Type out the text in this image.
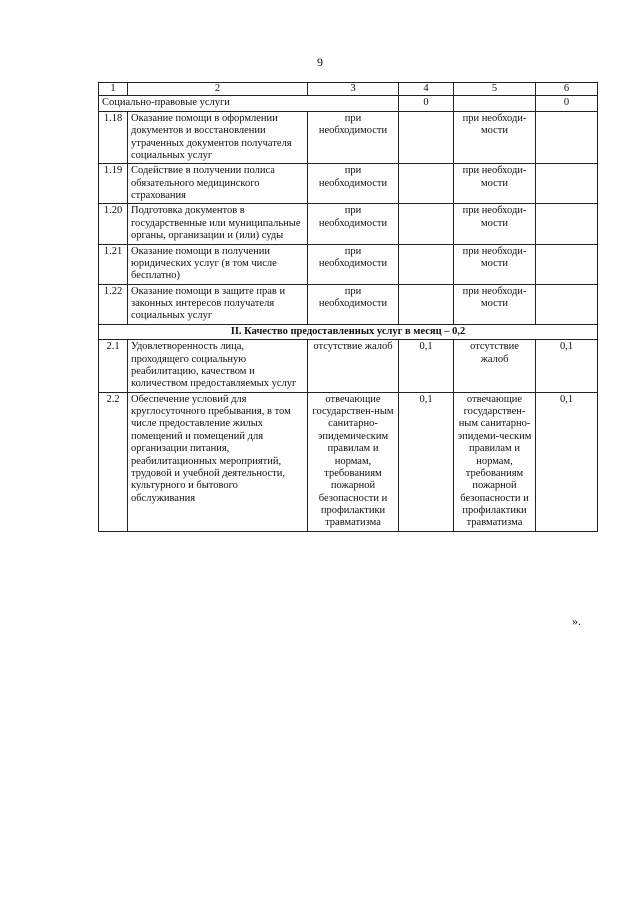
9
1	2	3	4	5	6
Социально-правовые услуги			0		0
1.18	Оказание помощи в оформлении документов и восстановлении утраченных документов получателя социальных услуг	при необходимости		при необходи-мости	
1.19	Содействие в получении полиса обязательного медицинского страхования	при необходимости		при необходи-мости	
1.20	Подготовка документов в государственные или муниципальные органы, организации и (или) суды	при необходимости		при необходи-мости	
1.21	Оказание помощи в получении юридических услуг (в том числе бесплатно)	при необходимости		при необходи-мости	
1.22	Оказание помощи в защите прав и законных интересов получателя социальных услуг	при необходимости		при необходи-мости	
II. Качество предоставленных услуг в месяц – 0,2					
2.1	Удовлетворенность лица, проходящего социальную реабилитацию, качеством и количеством предоставляемых услуг	отсутствие жалоб	0,1	отсутствие жалоб	0,1
2.2	Обеспечение условий для круглосуточного пребывания, в том числе предоставление жилых помещений и помещений для организации питания, реабилитационных мероприятий, трудовой и учебной деятельности, культурного и бытового обслуживания	отвечающие государствен-ным санитарно-эпидемическим правилам и нормам, требованиям пожарной безопасности и профилактики травматизма	0,1	отвечающие государствен-ным санитарно-эпидеми-ческим правилам и нормам, требованиям пожарной безопасности и профилактики травматизма	0,1
».
